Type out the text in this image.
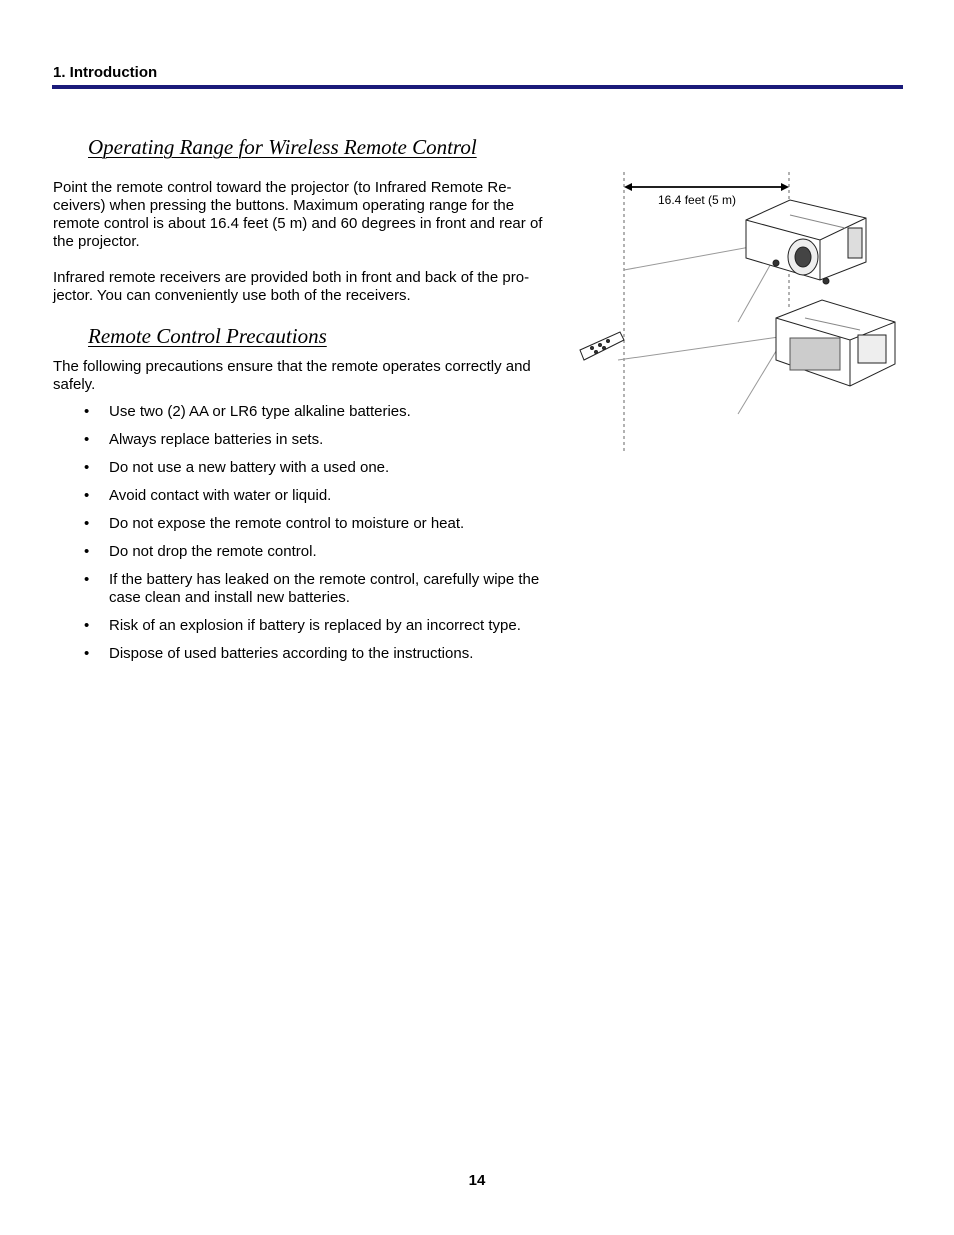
1. Introduction
Operating Range for Wireless Remote Control

Point the remote control toward the projector (to Infrared Remote Re-ceivers) when pressing the buttons. Maximum operating range for the remote control is about 16.4 feet (5 m) and 60 degrees in front and rear of the projector.

Infrared remote receivers are provided both in front and back of the pro-jector. You can conveniently use both of the receivers.

Remote Control Precautions

The following precautions ensure that the remote operates correctly and safely.

• Use two (2) AA or LR6 type alkaline batteries.
• Always replace batteries in sets.
• Do not use a new battery with a used one.
• Avoid contact with water or liquid.
• Do not expose the remote control to moisture or heat.
• Do not drop the remote control.
• If the battery has leaked on the remote control, carefully wipe the case clean and install new batteries.
• Risk of an explosion if battery is replaced by an incorrect type.
• Dispose of used batteries according to the instructions.
16.4 feet (5 m)
14
